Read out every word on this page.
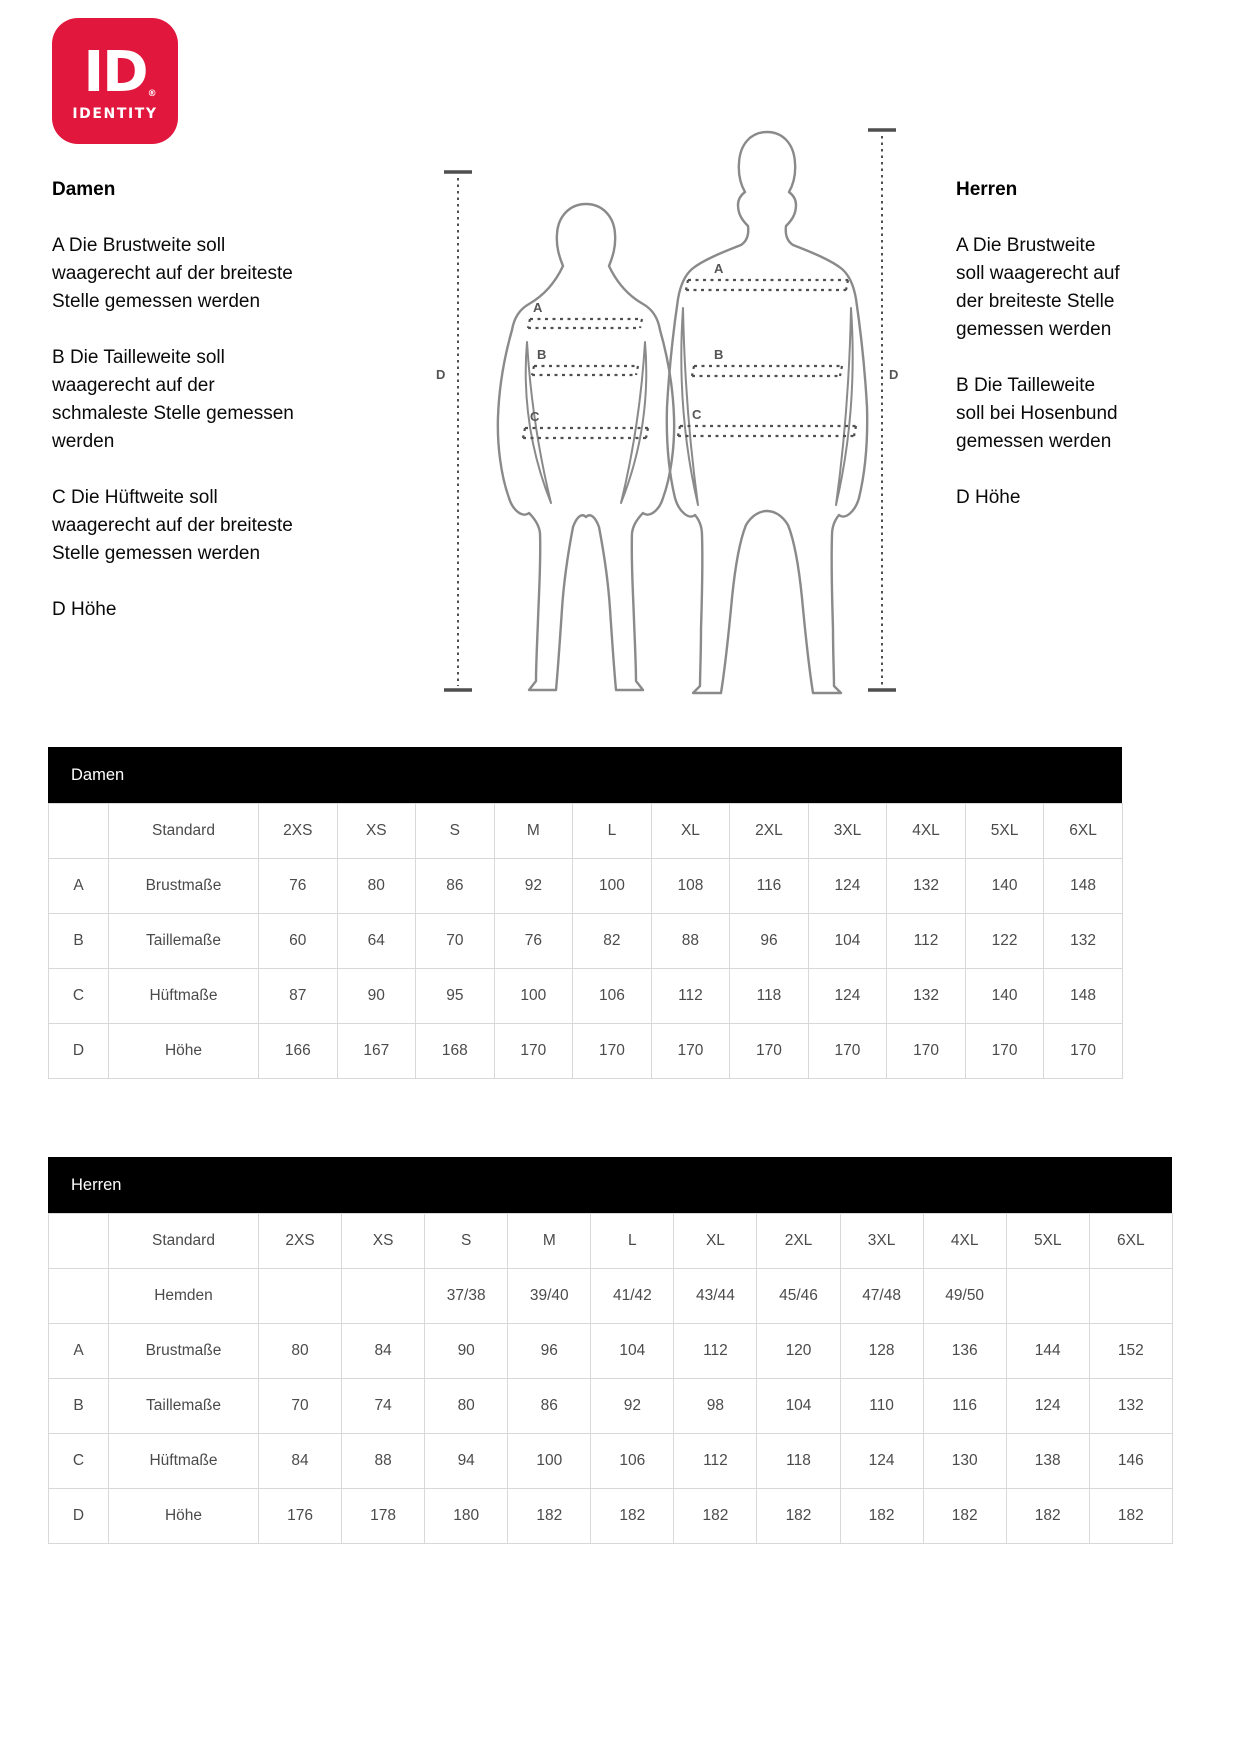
ID ®
IDENTITY
Damen
A Die Brustweite soll
waagerecht auf der breiteste
Stelle gemessen werden
B Die Tailleweite soll
waagerecht auf der
schmaleste Stelle gemessen
werden
C Die Hüftweite soll
waagerecht auf der breiteste
Stelle gemessen werden
D Höhe
Herren
A Die Brustweite
soll waagerecht auf
der breiteste Stelle
gemessen werden
B Die Tailleweite
soll bei Hosenbund
gemessen werden
D Höhe
D	D
A
B
C
A
B
C
Damen
	Standard	2XS	XS	S	M	L	XL	2XL	3XL	4XL	5XL	6XL
A	Brustmaße	76	80	86	92	100	108	116	124	132	140	148
B	Taillemaße	60	64	70	76	82	88	96	104	112	122	132
C	Hüftmaße	87	90	95	100	106	112	118	124	132	140	148
D	Höhe	166	167	168	170	170	170	170	170	170	170	170
Herren
	Standard	2XS	XS	S	M	L	XL	2XL	3XL	4XL	5XL	6XL
	Hemden			37/38	39/40	41/42	43/44	45/46	47/48	49/50		
A	Brustmaße	80	84	90	96	104	112	120	128	136	144	152
B	Taillemaße	70	74	80	86	92	98	104	110	116	124	132
C	Hüftmaße	84	88	94	100	106	112	118	124	130	138	146
D	Höhe	176	178	180	182	182	182	182	182	182	182	182
